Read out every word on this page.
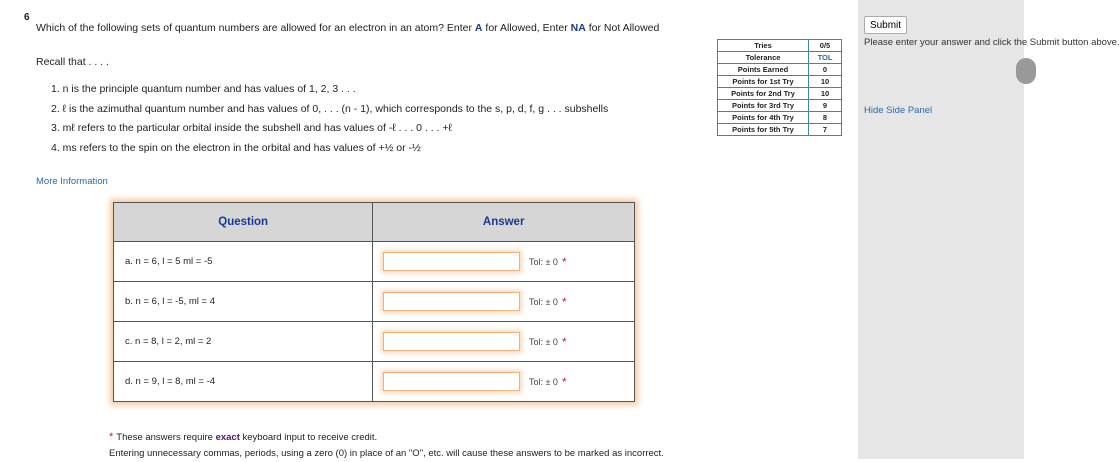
6
Which of the following sets of quantum numbers are allowed for an electron in an atom? Enter A for Allowed, Enter NA for Not Allowed
Recall that . . . .
1. n is the principle quantum number and has values of 1, 2, 3 . . .
2. ℓ is the azimuthal quantum number and has values of 0, . . . (n - 1), which corresponds to the s, p, d, f, g . . . subshells
3. mℓ refers to the particular orbital inside the subshell and has values of -ℓ . . . 0 . . . +ℓ
4. ms refers to the spin on the electron in the orbital and has values of +½ or -½
More Information
Question	Answer
a. n = 6, l = 5 ml = -5	Tol: ± 0 *
b. n = 6, l = -5, ml = 4	Tol: ± 0 *
c. n = 8, l = 2, ml = 2	Tol: ± 0 *
d. n = 9, l = 8, ml = -4	Tol: ± 0 *
* These answers require exact keyboard input to receive credit.
Entering unnecessary commas, periods, using a zero (0) in place of an "O", etc. will cause these answers to be marked as incorrect.
Tries	0/5
Tolerance	TOL
Points Earned	0
Points for 1st Try	10
Points for 2nd Try	10
Points for 3rd Try	9
Points for 4th Try	8
Points for 5th Try	7
Submit
Please enter your answer and click the Submit button above.
Hide Side Panel
